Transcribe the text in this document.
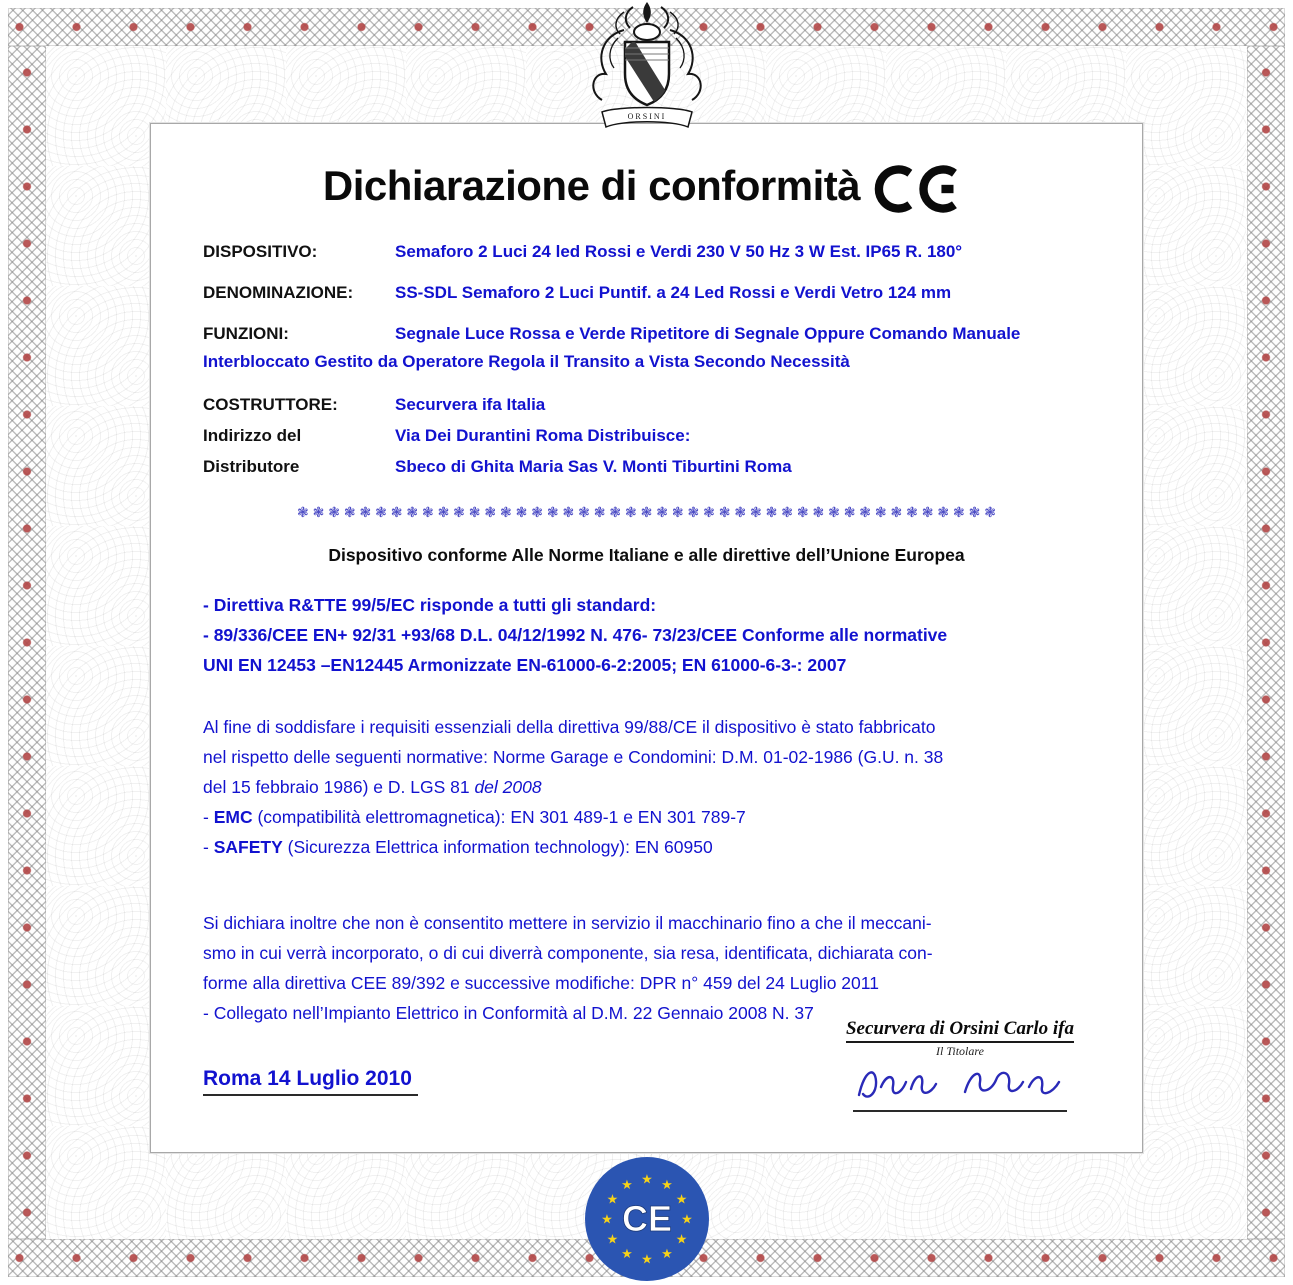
Dichiarazione di conformità
DISPOSITIVO:	Semaforo 2 Luci 24 led Rossi e Verdi 230 V 50 Hz 3 W Est. IP65 R. 180°
DENOMINAZIONE: SS-SDL Semaforo 2 Luci Puntif. a 24 Led Rossi e Verdi Vetro 124 mm
FUNZIONI:	Segnale Luce Rossa e Verde Ripetitore di Segnale Oppure Comando Manuale Interbloccato Gestito da Operatore Regola il Transito a Vista Secondo Necessità
COSTRUTTORE:	Securvera ifa Italia
Indirizzo del	Via Dei Durantini Roma Distribuisce:
Distributore	Sbeco di Ghita Maria Sas V. Monti Tiburtini Roma
❃ ❃ ❃ ❃ ❃ ❃ ❃ ❃ ❃ ❃ ❃ ❃ ❃ ❃ ❃ ❃ ❃ ❃ ❃ ❃ ❃ ❃ ❃ ❃ ❃ ❃ ❃ ❃ ❃ ❃ ❃ ❃ ❃ ❃ ❃ ❃ ❃ ❃ ❃ ❃ ❃ ❃ ❃ ❃ ❃
Dispositivo conforme Alle Norme Italiane e alle direttive dell’Unione Europea
- Direttiva R&TTE 99/5/EC risponde a tutti gli standard:
- 89/336/CEE EN+ 92/31 +93/68 D.L. 04/12/1992 N. 476- 73/23/CEE Conforme alle normative
UNI EN 12453 –EN12445 Armonizzate EN-61000-6-2:2005; EN 61000-6-3-: 2007
Al fine di soddisfare i requisiti essenziali della direttiva 99/88/CE il dispositivo è stato fabbricato
nel rispetto delle seguenti normative: Norme Garage e Condomini: D.M. 01-02-1986 (G.U. n. 38
del 15 febbraio 1986) e D. LGS 81 del 2008
- EMC (compatibilità elettromagnetica): EN 301 489-1 e EN 301 789-7
- SAFETY (Sicurezza Elettrica information technology): EN 60950
Si dichiara inoltre che non è consentito mettere in servizio il macchinario fino a che il meccani-
smo in cui verrà incorporato, o di cui diverrà componente, sia resa, identificata, dichiarata con-
forme alla direttiva CEE 89/392 e successive modifiche: DPR n° 459 del 24 Luglio 2011
- Collegato nell’Impianto Elettrico in Conformità al D.M. 22 Gennaio 2008 N. 37
Roma 14 Luglio 2010
Securvera di Orsini Carlo ifa
Il Titolare
ORSINI
★ ★
★
★
★
★
★
★
★
★
★
★
CE
